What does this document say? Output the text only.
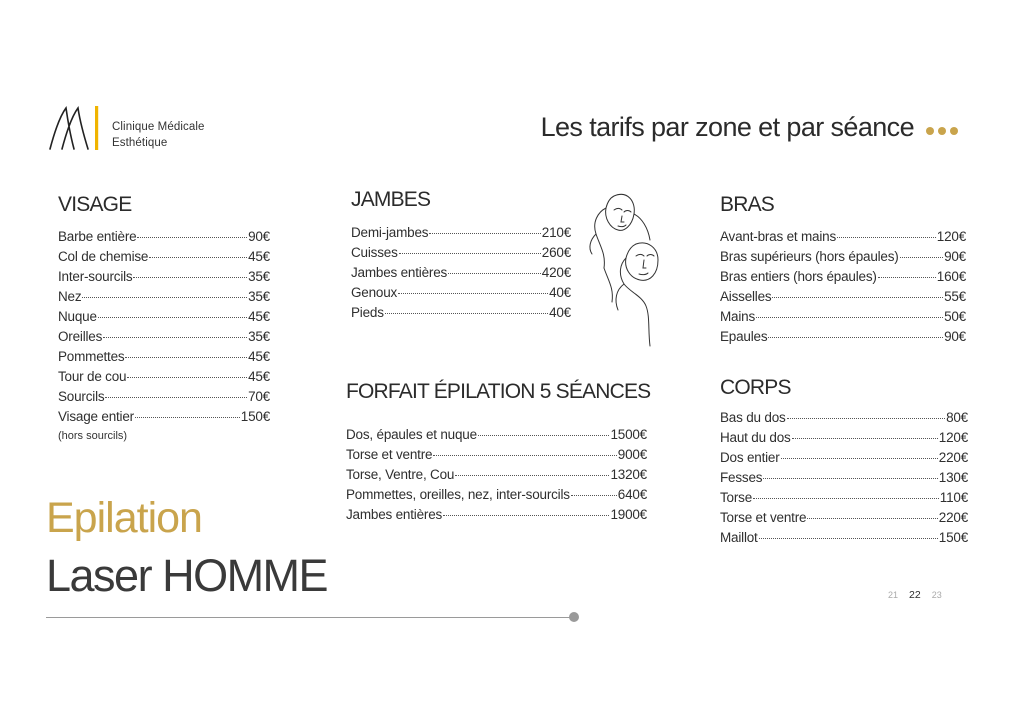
Clinique Médicale
Esthétique
Les tarifs par zone et par séance
VISAGE
Barbe entière	90€
Col de chemise	45€
Inter-sourcils	35€
Nez	35€
Nuque	45€
Oreilles	35€
Pommettes	45€
Tour de cou	45€
Sourcils	70€
Visage entier	150€
(hors sourcils)
JAMBES
Demi-jambes	210€
Cuisses	260€
Jambes entières	420€
Genoux	40€
Pieds	40€
FORFAIT ÉPILATION 5 SÉANCES
Dos, épaules et nuque	1500€
Torse et ventre	900€
Torse, Ventre, Cou	1320€
Pommettes, oreilles, nez, inter-sourcils	640€
Jambes entières	1900€
BRAS
Avant-bras et mains	120€
Bras supérieurs (hors épaules)	90€
Bras entiers (hors épaules)	160€
Aisselles	55€
Mains	50€
Epaules	90€
CORPS
Bas du dos	80€
Haut du dos	120€
Dos entier	220€
Fesses	130€
Torse	110€
Torse et ventre	220€
Maillot	150€
Epilation
Laser HOMME	21 22 23
